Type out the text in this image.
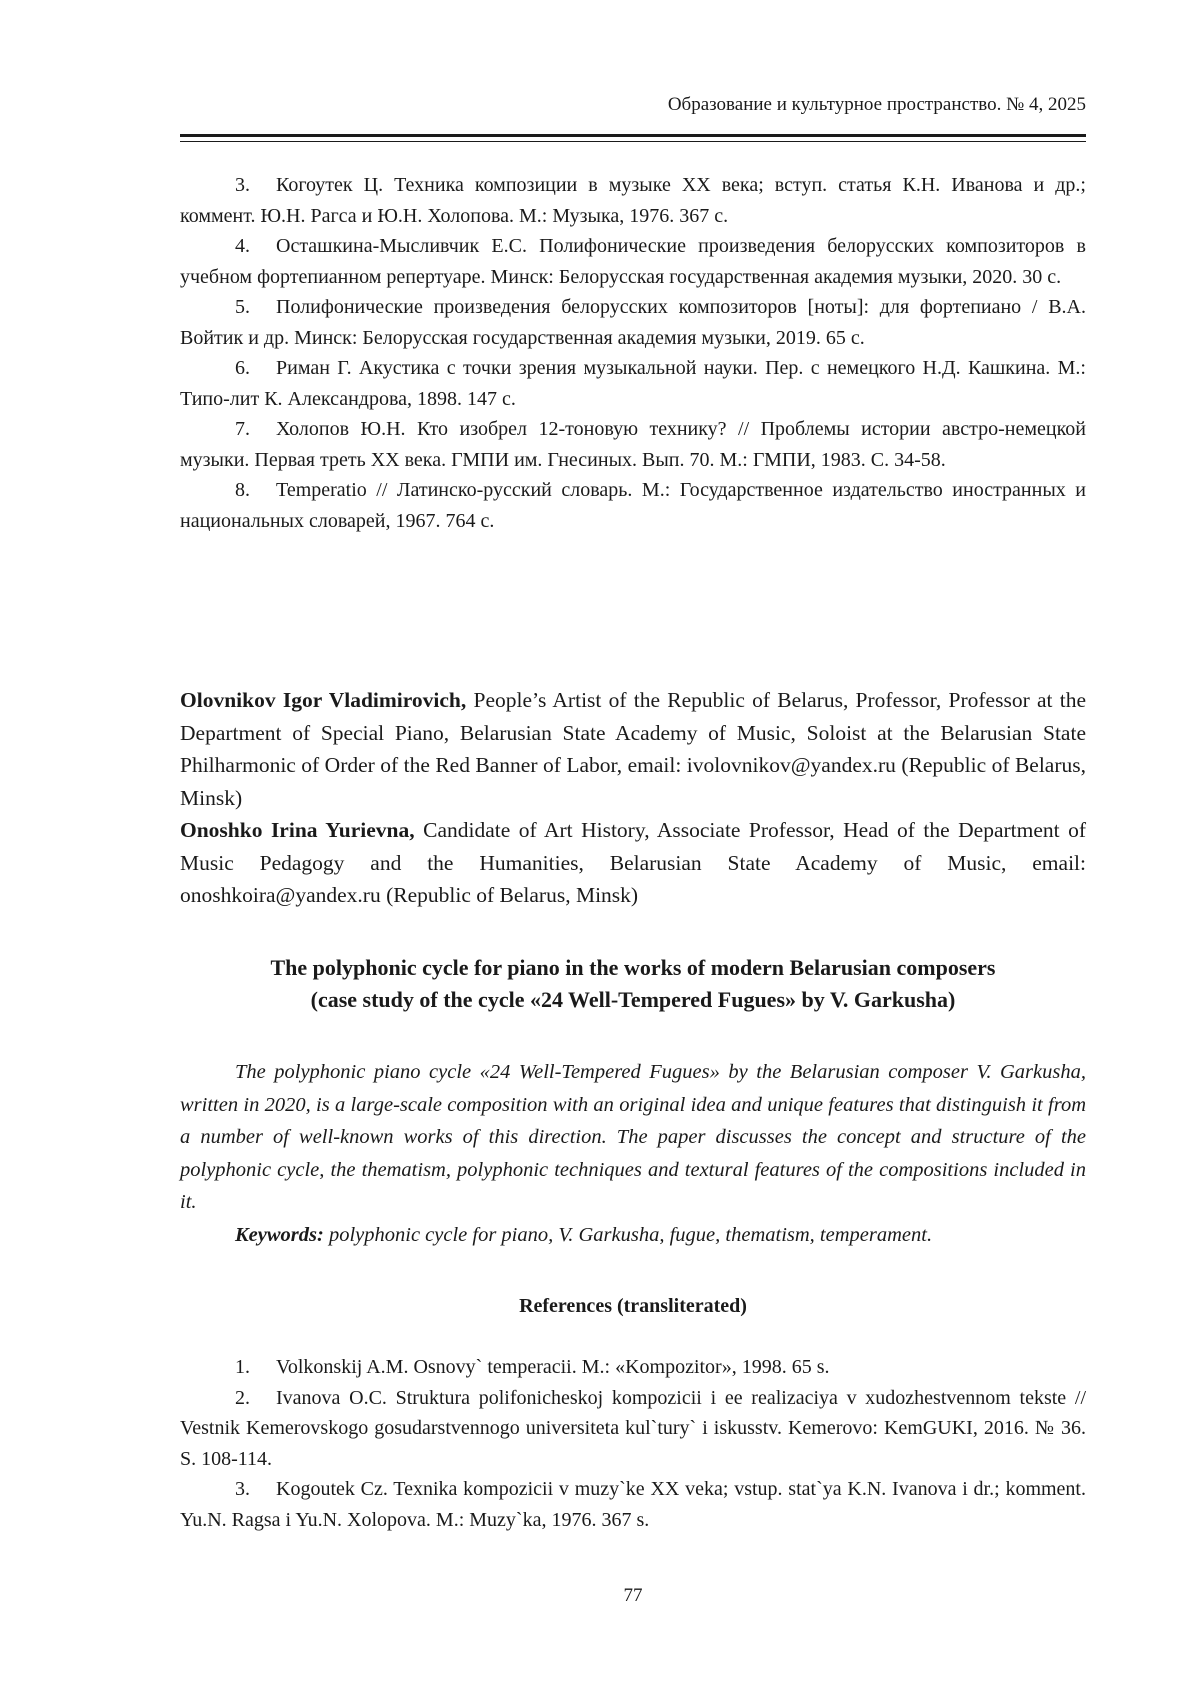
Образование и культурное пространство. № 4, 2025

3. Когоутек Ц. Техника композиции в музыке XX века; вступ. статья К.Н. Иванова и др.; коммент. Ю.Н. Рагса и Ю.Н. Холопова. М.: Музыка, 1976. 367 с.

4. Осташкина-Мысливчик Е.С. Полифонические произведения белорусских композиторов в учебном фортепианном репертуаре. Минск: Белорусская государственная академия музыки, 2020. 30 с.

5. Полифонические произведения белорусских композиторов [ноты]: для фортепиано / В.А. Войтик и др. Минск: Белорусская государственная академия музыки, 2019. 65 с.

6. Риман Г. Акустика с точки зрения музыкальной науки. Пер. с немецкого Н.Д. Кашкина. М.: Типо-лит К. Александрова, 1898. 147 с.

7. Холопов Ю.Н. Кто изобрел 12-тоновую технику? // Проблемы истории австро-немецкой музыки. Первая треть XX века. ГМПИ им. Гнесиных. Вып. 70. М.: ГМПИ, 1983. С. 34-58.

8. Temperatio // Латинско-русский словарь. М.: Государственное издательство иностранных и национальных словарей, 1967. 764 с.

Olovnikov Igor Vladimirovich, People’s Artist of the Republic of Belarus, Professor, Professor at the Department of Special Piano, Belarusian State Academy of Music, Soloist at the Belarusian State Philharmonic of Order of the Red Banner of Labor, email: ivolovnikov@yandex.ru (Republic of Belarus, Minsk)

Onoshko Irina Yurievna, Candidate of Art History, Associate Professor, Head of the Department of Music Pedagogy and the Humanities, Belarusian State Academy of Music, email: onoshkoira@yandex.ru (Republic of Belarus, Minsk)

The polyphonic cycle for piano in the works of modern Belarusian composers
(case study of the cycle «24 Well-Tempered Fugues» by V. Garkusha)

The polyphonic piano cycle «24 Well-Tempered Fugues» by the Belarusian composer V. Garkusha, written in 2020, is a large-scale composition with an original idea and unique features that distinguish it from a number of well-known works of this direction. The paper discusses the concept and structure of the polyphonic cycle, the thematism, polyphonic techniques and textural features of the compositions included in it.

Keywords: polyphonic cycle for piano, V. Garkusha, fugue, thematism, temperament.

References (transliterated)

1. Volkonskij A.M. Osnovy` temperacii. M.: «Kompozitor», 1998. 65 s.

2. Ivanova O.C. Struktura polifonicheskoj kompozicii i ee realizaciya v xudozhestvennom tekste // Vestnik Kemerovskogo gosudarstvennogo universiteta kul`tury` i iskusstv. Kemerovo: KemGUKI, 2016. № 36. S. 108-114.

3. Kogoutek Cz. Texnika kompozicii v muzy`ke XX veka; vstup. stat`ya K.N. Ivanova i dr.; komment. Yu.N. Ragsa i Yu.N. Xolopova. M.: Muzy`ka, 1976. 367 s.

77
